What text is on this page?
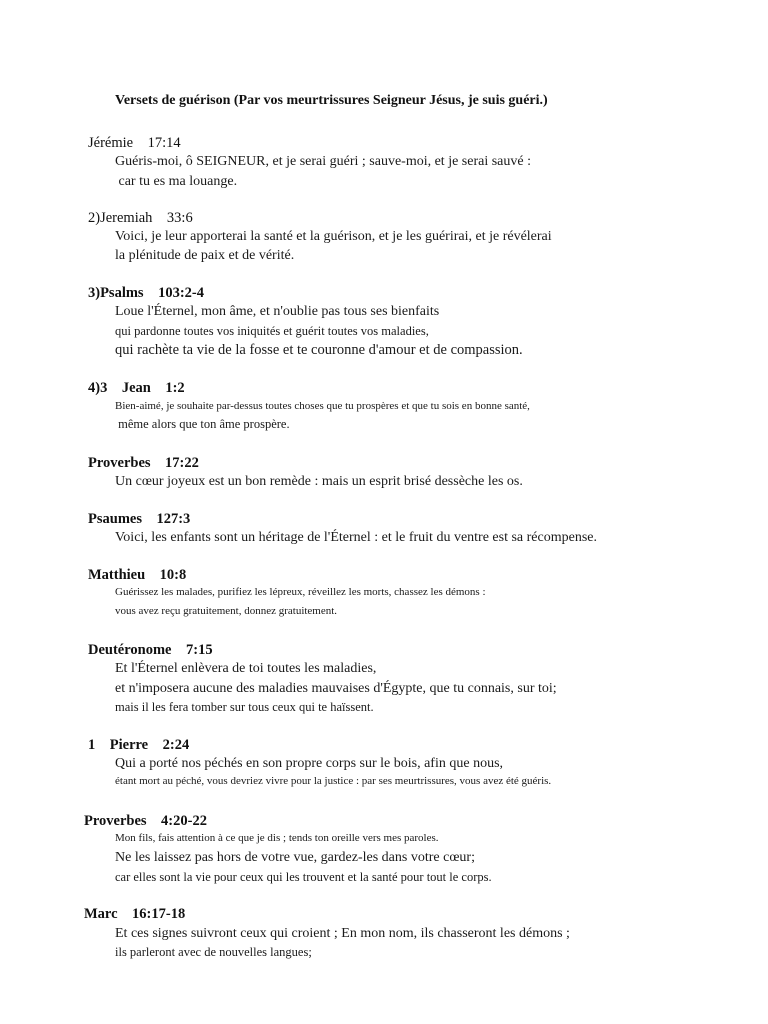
Versets de guérison (Par vos meurtrissures Seigneur Jésus, je suis guéri.)
Jérémie    17:14
Guéris-moi, ô SEIGNEUR, et je serai guéri ; sauve-moi, et je serai sauvé :
car tu es ma louange.
2)Jeremiah    33:6
Voici, je leur apporterai la santé et la guérison, et je les guérirai, et je révélerai
la plénitude de paix et de vérité.
3)Psalms    103:2-4
Loue l'Éternel, mon âme, et n'oublie pas tous ses bienfaits
qui pardonne toutes vos iniquités et guérit toutes vos maladies,
qui rachète ta vie de la fosse et te couronne d'amour et de compassion.
4)3    Jean    1:2
Bien-aimé, je souhaite par-dessus toutes choses que tu prospères et que tu sois en bonne santé,
même alors que ton âme prospère.
Proverbes    17:22
Un cœur joyeux est un bon remède : mais un esprit brisé dessèche les os.
Psaumes    127:3
Voici, les enfants sont un héritage de l'Éternel : et le fruit du ventre est sa récompense.
Matthieu    10:8
Guérissez les malades, purifiez les lépreux, réveillez les morts, chassez les démons :
vous avez reçu gratuitement, donnez gratuitement.
Deutéronome    7:15
Et l'Éternel enlèvera de toi toutes les maladies,
et n'imposera aucune des maladies mauvaises d'Égypte, que tu connais, sur toi;
mais il les fera tomber sur tous ceux qui te haïssent.
1    Pierre    2:24
Qui a porté nos péchés en son propre corps sur le bois, afin que nous,
étant mort au péché, vous devriez vivre pour la justice : par ses meurtrissures, vous avez été guéris.
Proverbes    4:20-22
Mon fils, fais attention à ce que je dis ; tends ton oreille vers mes paroles.
Ne les laissez pas hors de votre vue, gardez-les dans votre cœur;
car elles sont la vie pour ceux qui les trouvent et la santé pour tout le corps.
Marc    16:17-18
Et ces signes suivront ceux qui croient ; En mon nom, ils chasseront les démons ;
ils parleront avec de nouvelles langues;
